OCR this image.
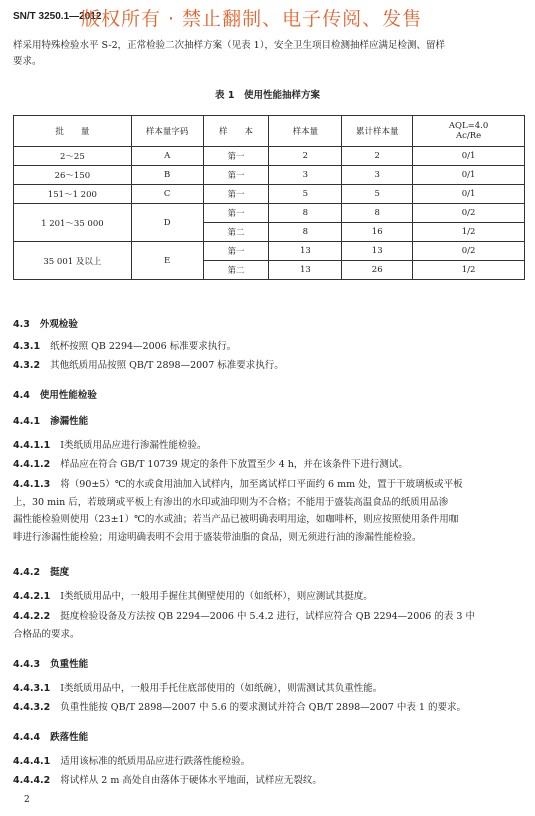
SN/T 3250.1—2012
版权所有 · 禁止翻制、电子传阅、发售
样采用特殊检验水平 S-2，正常检验二次抽样方案（见表 1），安全卫生项目检测抽样应满足检测、留样
要求。
表 1　使用性能抽样方案
批　　量	样本量字码	样　　本	样本量	累计样本量	AQL=4.0
Ac/Re

2～25	A	第一	2	2	0/1
26～150	B	第一	3	3	0/1
151～1 200	C	第一	5	5	0/1
1 201～35 000	D	第一	8	8	0/2
		第二	8	16	1/2
35 001 及以上	E	第一	13	13	0/2
		第二	13	26	1/2
4.3 外观检验
4.3.1 纸杯按照 QB 2294—2006 标准要求执行。
4.3.2 其他纸质用品按照 QB/T 2898—2007 标准要求执行。
4.4 使用性能检验
4.4.1 渗漏性能
4.4.1.1 Ⅰ类纸质用品应进行渗漏性能检验。
4.4.1.2 样品应在符合 GB/T 10739 规定的条件下放置至少 4 h，并在该条件下进行测试。
4.4.1.3 将（90±5）℃的水或食用油加入试样内，加至离试样口平面约 6 mm 处，置于干玻璃板或平板
上，30 min 后，若玻璃或平板上有渗出的水印或油印则为不合格；不能用于盛装高温食品的纸质用品渗
漏性能检验则使用（23±1）℃的水或油；若当产品已被明确表明用途，如咖啡杯，则应按照使用条件用咖
啡进行渗漏性能检验；用途明确表明不会用于盛装带油脂的食品，则无须进行油的渗漏性能检验。
4.4.2 挺度
4.4.2.1 Ⅰ类纸质用品中，一般用手握住其侧壁使用的（如纸杯），则应测试其挺度。
4.4.2.2 挺度检验设备及方法按 QB 2294—2006 中 5.4.2 进行，试样应符合 QB 2294—2006 的表 3 中
合格品的要求。
4.4.3 负重性能
4.4.3.1 Ⅰ类纸质用品中，一般用手托住底部使用的（如纸碗），则需测试其负重性能。
4.4.3.2 负重性能按 QB/T 2898—2007 中 5.6 的要求测试并符合 QB/T 2898—2007 中表 1 的要求。
4.4.4 跌落性能
4.4.4.1 适用该标准的纸质用品应进行跌落性能检验。
4.4.4.2 将试样从 2 m 高处自由落体于硬体水平地面，试样应无裂纹。
2
